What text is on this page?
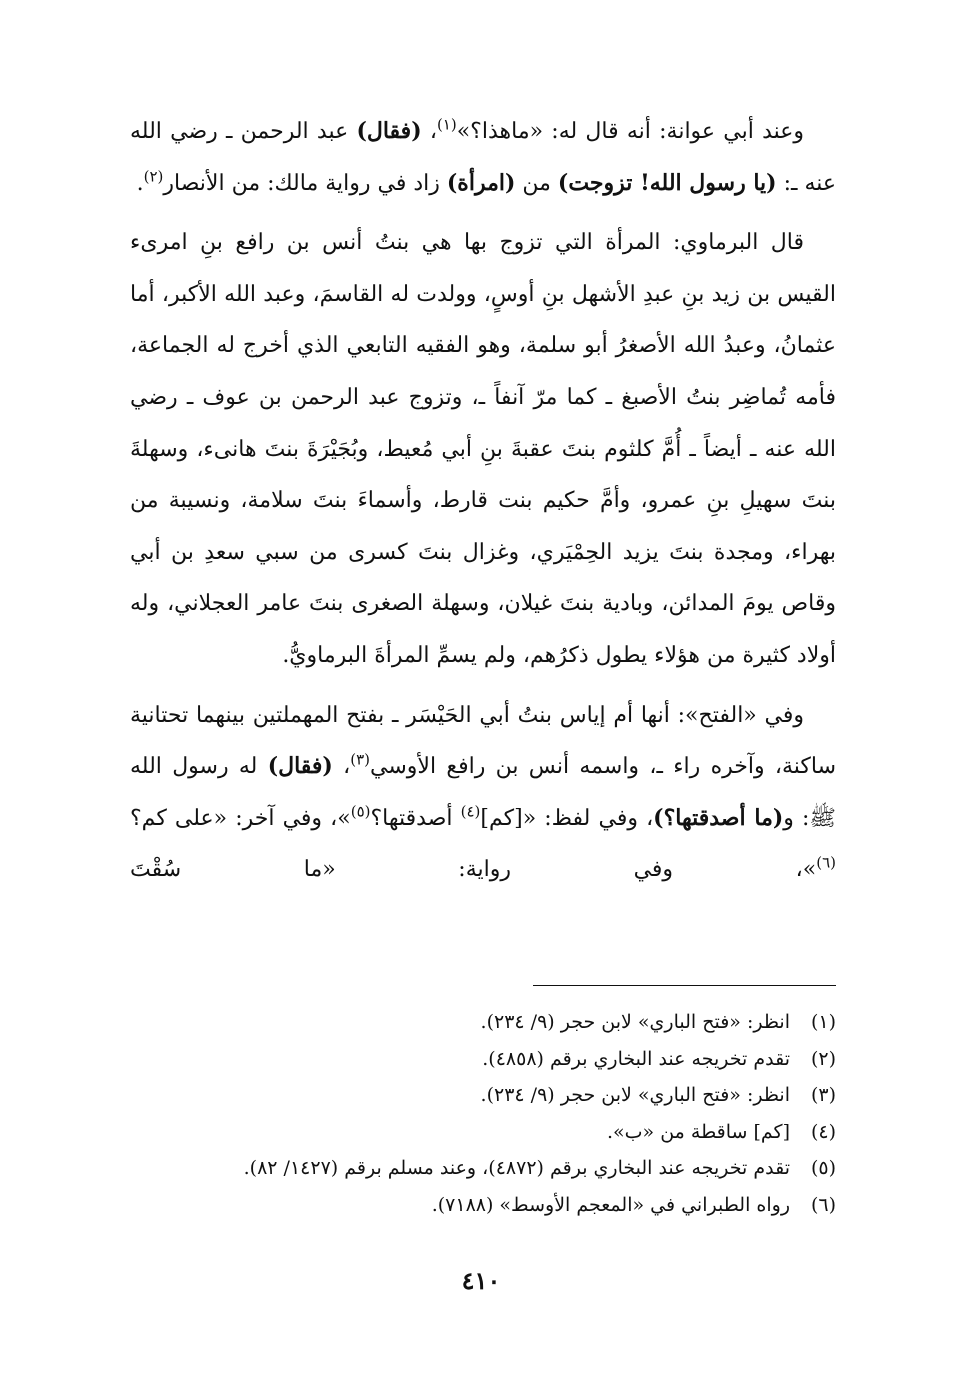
وعند أبي عوانة: أنه قال له: «ماهذا؟»$^{(١)}$، (فقال) عبد الرحمن ـ رضي الله عنه ـ: (يا رسول الله! تزوجت) من (امرأة) زاد في رواية مالك: من الأنصار$^{(٢)}$.

قال البرماوي: المرأة التي تزوج بها هي بنتُ أنس بن رافع بنِ امرىء القيس بن زيد بنِ عبدِ الأشهل بنِ أوسٍ، وولدت له القاسمَ، وعبد الله الأكبر، أما عثمانُ، وعبدُ الله الأصغرُ أبو سلمة، وهو الفقيه التابعي الذي أخرج له الجماعة، فأمه تُماضِر بنتُ الأصبغ ـ كما مرّ آنفاً ـ، وتزوج عبد الرحمن بن عوف ـ رضي الله عنه ـ أيضاً ـ أُمَّ كلثوم بنتَ عقبةَ بنِ أبي مُعيط، وبُجَيْرَةَ بنتَ هانىء، وسهلةَ بنتَ سهيلِ بنِ عمرو، وأمَّ حكيم بنت قارط، وأسماءَ بنتَ سلامة، ونسيبة من بهراء، ومجدة بنتَ يزيد الحِمْيَري، وغزال بنتَ كسرى من سبي سعدِ بن أبي وقاص يومَ المدائن، وبادية بنتَ غيلان، وسهلة الصغرى بنتَ عامر العجلاني، وله أولاد كثيرة من هؤلاء يطول ذكرُهم، ولم يسمِّ المرأةَ البرماويُّ.

وفي «الفتح»: أنها أم إياس بنتُ أبي الحَيْسَر ـ بفتح المهملتين بينهما تحتانية ساكنة، وآخره راء ـ، واسمه أنس بن رافع الأوسي$^{(٣)}$، (فقال) له رسول الله ﷺ: و(ما أصدقتها؟)، وفي لفظ: «[كم]$^{(٤)}$ أصدقتها؟$^{(٥)}$»، وفي آخر: «على كم؟$^{(٦)}$»، وفي رواية: «ما سُقْتَ

(١)انظر: «فتح الباري» لابن حجر (٩/ ٢٣٤).
(٢)تقدم تخريجه عند البخاري برقم (٤٨٥٨).
(٣)انظر: «فتح الباري» لابن حجر (٩/ ٢٣٤).
(٤)[كم] ساقطة من «ب».
(٥)تقدم تخريجه عند البخاري برقم (٤٨٧٢)، وعند مسلم برقم (١٤٢٧/ ٨٢).
(٦)رواه الطبراني في «المعجم الأوسط» (٧١٨٨).
٤١٠
